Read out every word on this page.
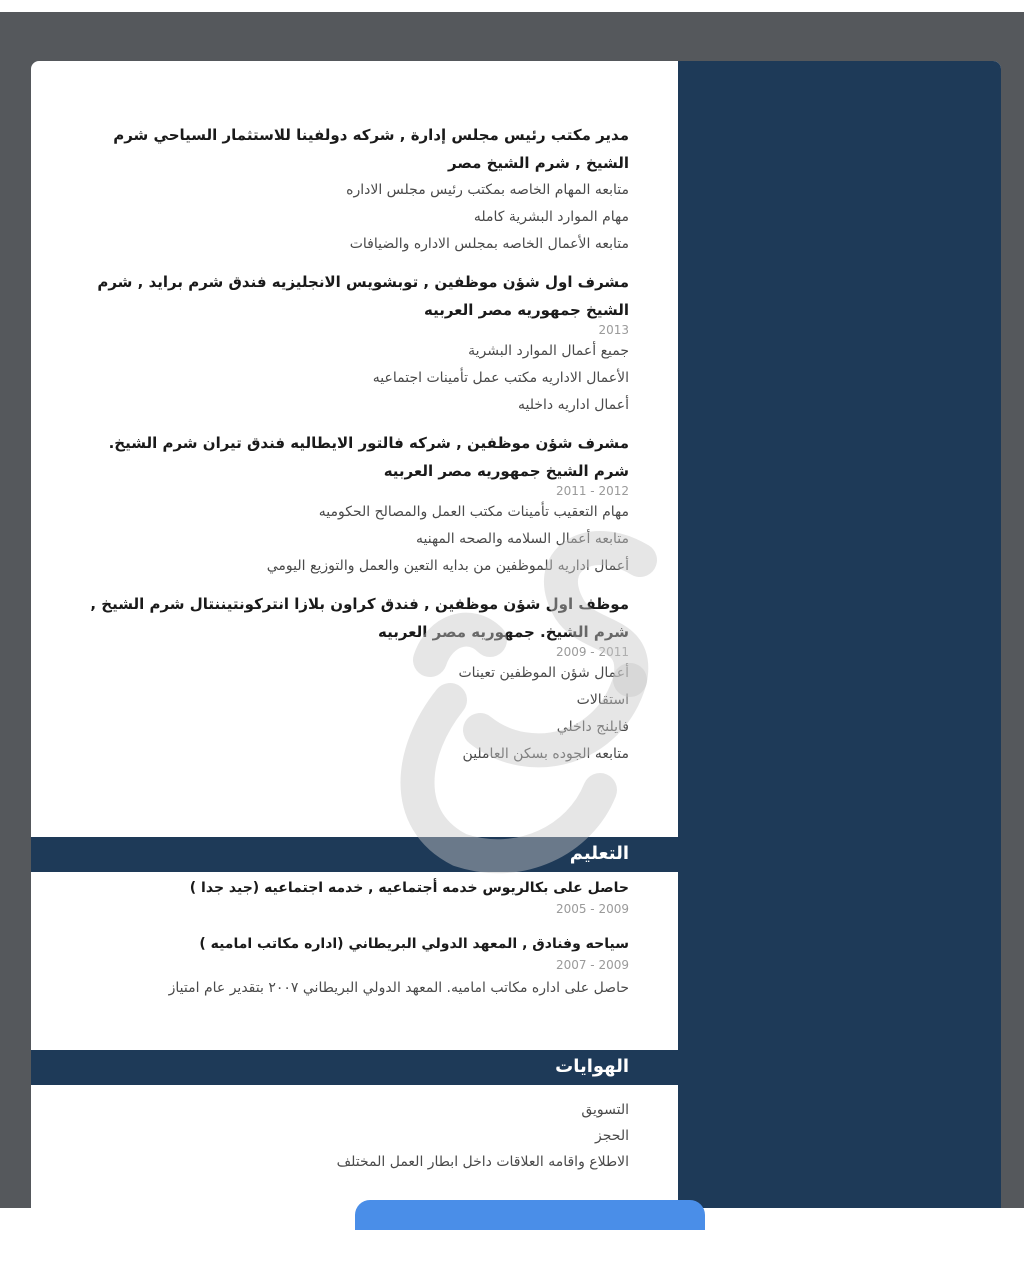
مدير مكتب رئيس مجلس إدارة , شركه دولفينا للاستثمار السياحي شرم الشيخ , شرم الشيخ مصر
متابعه المهام الخاصه بمكتب رئيس مجلس الاداره
مهام الموارد البشرية كامله
متابعه الأعمال الخاصه بمجلس الاداره والضيافات
مشرف اول شؤن موظفين , توبشويس الانجليزيه فندق شرم برايد , شرم الشيخ جمهوريه مصر العربيه
2013
جميع أعمال الموارد البشرية
الأعمال الاداريه مكتب عمل تأمينات اجتماعيه
أعمال اداريه داخليه
مشرف شؤن موظفين , شركه فالتور الايطاليه فندق تيران شرم الشيخ. شرم الشيخ جمهوريه مصر العربيه
2011 - 2012
مهام التعقيب تأمينات مكتب العمل والمصالح الحكوميه
متابعه أعمال السلامه والصحه المهنيه
أعمال اداريه للموظفين من بدايه التعين والعمل والتوزيع اليومي
موظف اول شؤن موظفين , فندق كراون بلازا انتركونتيننتال شرم الشيخ , شرم الشيخ. جمهوريه مصر العربيه
2009 - 2011
أعمال شؤن الموظفين تعينات
استقالات
فايلنج داخلي
متابعه الجوده بسكن العاملين
التعليم
حاصل على بكالريوس خدمه أجتماعيه , خدمه اجتماعيه (جيد جدا )
2005 - 2009
سياحه وفنادق , المعهد الدولي البريطاني (اداره مكاتب اماميه )
2007 - 2009
حاصل على اداره مكاتب اماميه. المعهد الدولي البريطاني ٢٠٠٧ بتقدير عام امتياز
الهوايات
التسويق
الحجز
الاطلاع واقامه العلاقات داخل ابطار العمل المختلف
